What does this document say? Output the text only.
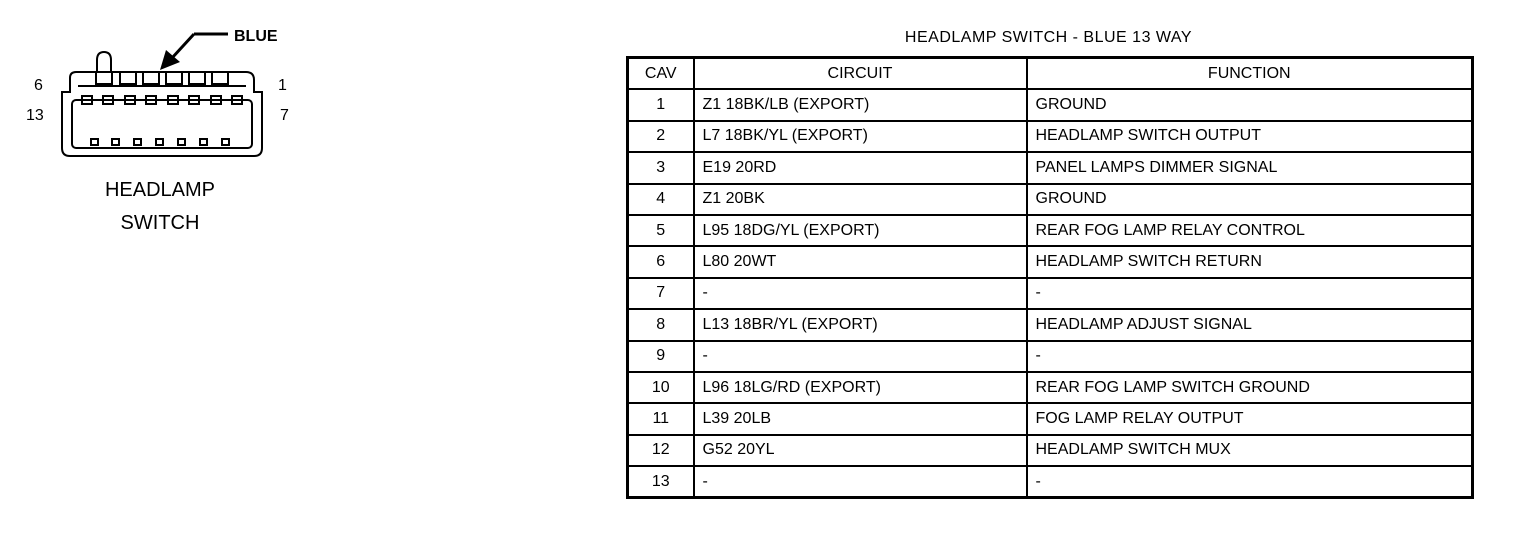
BLUE
6	1
13	7
HEADLAMP
SWITCH
HEADLAMP SWITCH - BLUE 13 WAY
CAV	CIRCUIT	FUNCTION
1	Z1 18BK/LB (EXPORT)	GROUND
2	L7 18BK/YL (EXPORT)	HEADLAMP SWITCH OUTPUT
3	E19 20RD	PANEL LAMPS DIMMER SIGNAL
4	Z1 20BK	GROUND
5	L95 18DG/YL (EXPORT)	REAR FOG LAMP RELAY CONTROL
6	L80 20WT	HEADLAMP SWITCH RETURN
7	-	-
8	L13 18BR/YL (EXPORT)	HEADLAMP ADJUST SIGNAL
9	-	-
10	L96 18LG/RD (EXPORT)	REAR FOG LAMP SWITCH GROUND
11	L39 20LB	FOG LAMP RELAY OUTPUT
12	G52 20YL	HEADLAMP SWITCH MUX
13	-	-
